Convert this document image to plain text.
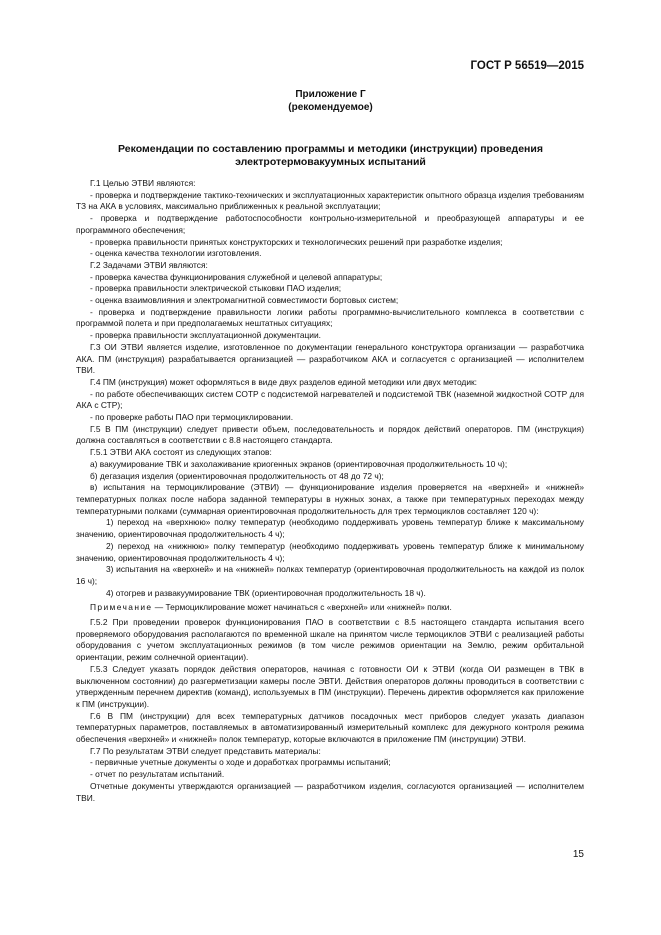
ГОСТ Р 56519—2015
Приложение Г
(рекомендуемое)
Рекомендации по составлению программы и методики (инструкции) проведения
электротермовакуумных испытаний

Г.1 Целью ЭТВИ являются:

- проверка и подтверждение тактико-технических и эксплуатационных характеристик опытного образца изделия требованиям ТЗ на АКА в условиях, максимально приближенных к реальной эксплуатации;

- проверка и подтверждение работоспособности контрольно-измерительной и преобразующей аппаратуры и ее программного обеспечения;

- проверка правильности принятых конструкторских и технологических решений при разработке изделия;

- оценка качества технологии изготовления.

Г.2 Задачами ЭТВИ являются:

- проверка качества функционирования служебной и целевой аппаратуры;

- проверка правильности электрической стыковки ПАО изделия;

- оценка взаимовлияния и электромагнитной совместимости бортовых систем;

- проверка и подтверждение правильности логики работы программно-вычислительного комплекса в соответствии с программой полета и при предполагаемых нештатных ситуациях;

- проверка правильности эксплуатационной документации.

Г.3 ОИ ЭТВИ является изделие, изготовленное по документации генерального конструктора организации — разработчика АКА. ПМ (инструкция) разрабатывается организацией — разработчиком АКА и согласуется с организацией — исполнителем ТВИ.

Г.4 ПМ (инструкция) может оформляться в виде двух разделов единой методики или двух методик:

- по работе обеспечивающих систем СОТР с подсистемой нагревателей и подсистемой ТВК (наземной жидкостной СОТР для АКА с СТР);

- по проверке работы ПАО при термоциклировании.

Г.5 В ПМ (инструкции) следует привести объем, последовательность и порядок действий операторов. ПМ (инструкция) должна составляться в соответствии с 8.8 настоящего стандарта.

Г.5.1 ЭТВИ АКА состоят из следующих этапов:

а) вакуумирование ТВК и захолаживание криогенных экранов (ориентировочная продолжительность 10 ч);

б) дегазация изделия (ориентировочная продолжительность от 48 до 72 ч);

в) испытания на термоциклирование (ЭТВИ) — функционирование изделия проверяется на «верхней» и «нижней» температурных полках после набора заданной температуры в нужных зонах, а также при температурных переходах между температурными полками (суммарная ориентировочная продолжительность для трех термоциклов составляет 120 ч):

1) переход на «верхнюю» полку температур (необходимо поддерживать уровень температур ближе к максимальному значению, ориентировочная продолжительность 4 ч);

2) переход на «нижнюю» полку температур (необходимо поддерживать уровень температур ближе к минимальному значению, ориентировочная продолжительность 4 ч);

3) испытания на «верхней» и на «нижней» полках температур (ориентировочная продолжительность на каждой из полок 16 ч);

4) отогрев и развакуумирование ТВК (ориентировочная продолжительность 18 ч).

Примечание — Термоциклирование может начинаться с «верхней» или «нижней» полки.

Г.5.2 При проведении проверок функционирования ПАО в соответствии с 8.5 настоящего стандарта испытания всего проверяемого оборудования располагаются по временной шкале на принятом числе термоциклов ЭТВИ с реализацией работы оборудования с учетом эксплуатационных режимов (в том числе режимов ориентации на Землю, режим орбитальной ориентации, режим солнечной ориентации).

Г.5.3 Следует указать порядок действия операторов, начиная с готовности ОИ к ЭТВИ (когда ОИ размещен в ТВК в выключенном состоянии) до разгерметизации камеры после ЭВТИ. Действия операторов должны проводиться в соответствии с утвержденным перечнем директив (команд), используемых в ПМ (инструкции). Перечень директив оформляется как приложение к ПМ (инструкции).

Г.6 В ПМ (инструкции) для всех температурных датчиков посадочных мест приборов следует указать диапазон температурных параметров, поставляемых в автоматизированный измерительный комплекс для дежурного контроля режима обеспечения «верхней» и «нижней» полок температур, которые включаются в приложение ПМ (инструкции) ЭТВИ.

Г.7 По результатам ЭТВИ следует представить материалы:

- первичные учетные документы о ходе и доработках программы испытаний;

- отчет по результатам испытаний.

Отчетные документы утверждаются организацией — разработчиком изделия, согласуются организацией — исполнителем ТВИ.

15
